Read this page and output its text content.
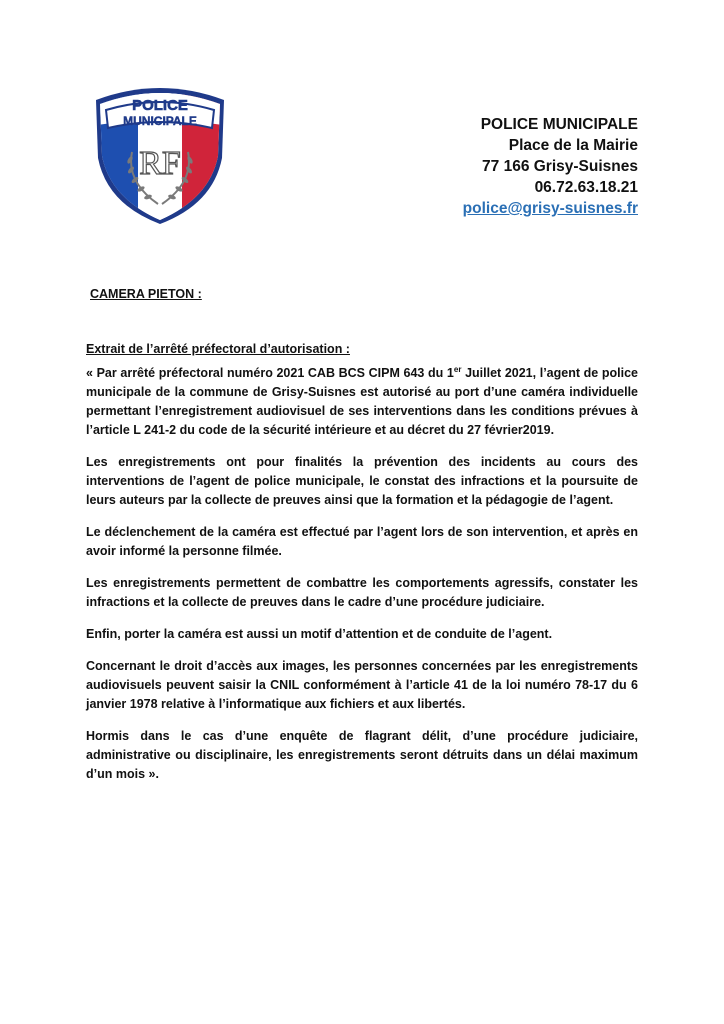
POLICE
MUNICIPALE
RF
POLICE MUNICIPALE
Place de la Mairie
77 166 Grisy-Suisnes
06.72.63.18.21
police@grisy-suisnes.fr
CAMERA PIETON :
Extrait de l’arrêté préfectoral d’autorisation :

« Par arrêté préfectoral numéro 2021 CAB BCS CIPM 643 du 1er Juillet 2021, l’agent de police municipale de la commune de Grisy-Suisnes est autorisé au port d’une caméra individuelle permettant l’enregistrement audiovisuel de ses interventions dans les conditions prévues à l’article L 241-2 du code de la sécurité intérieure et au décret du 27 février2019.

Les enregistrements ont pour finalités la prévention des incidents au cours des interventions de l’agent de police municipale, le constat des infractions et la poursuite de leurs auteurs par la collecte de preuves ainsi que la formation et la pédagogie de l’agent.

Le déclenchement de la caméra est effectué par l’agent lors de son intervention, et après en avoir informé la personne filmée.

Les enregistrements permettent de combattre les comportements agressifs, constater les infractions et la collecte de preuves dans le cadre d’une procédure judiciaire.

Enfin, porter la caméra est aussi un motif d’attention et de conduite de l’agent.

Concernant le droit d’accès aux images, les personnes concernées par les enregistrements audiovisuels peuvent saisir la CNIL conformément à l’article 41 de la loi numéro 78-17 du 6 janvier 1978 relative à l’informatique aux fichiers et aux libertés.

Hormis dans le cas d’une enquête de flagrant délit, d’une procédure judiciaire, administrative ou disciplinaire, les enregistrements seront détruits dans un délai maximum d’un mois ».
